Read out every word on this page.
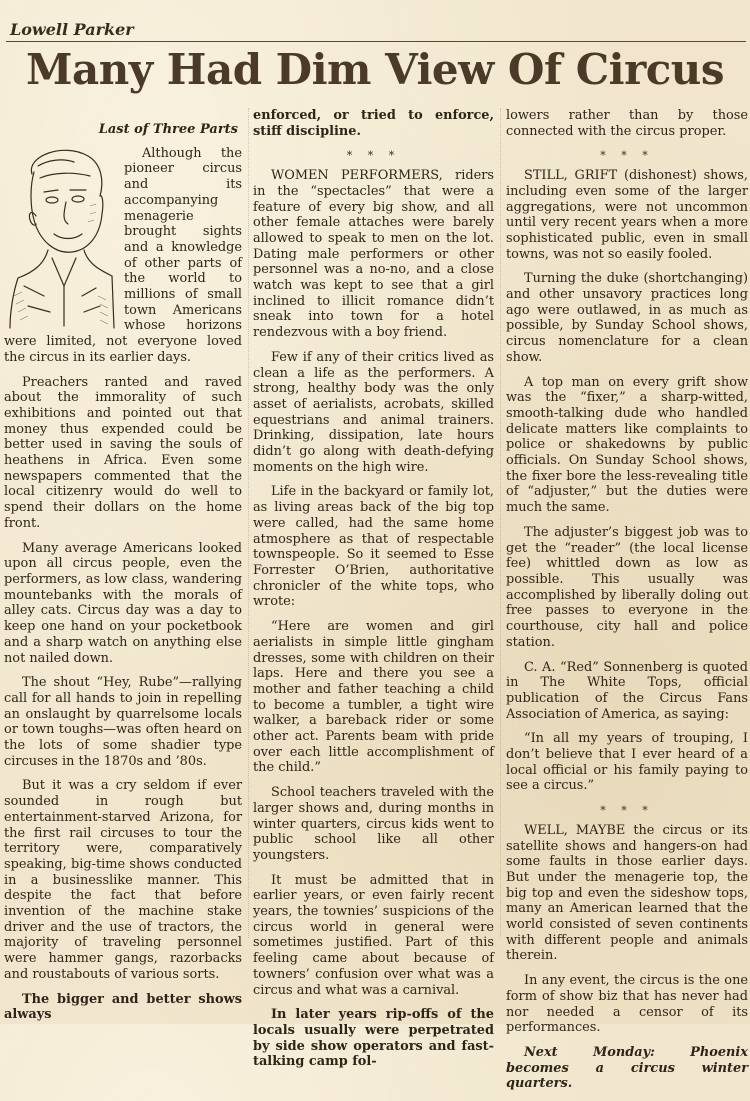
Lowell Parker
Many Had Dim View Of Circus
Last of Three Parts

Although the pioneer circus and its accompanying menagerie brought sights and a knowledge of other parts of the world to millions of small town Americans whose horizons were limited, not everyone loved the circus in its earlier days.

Preachers ranted and raved about the immorality of such exhibitions and pointed out that money thus expended could be better used in saving the souls of heathens in Africa. Even some newspapers commented that the local citizenry would do well to spend their dollars on the home front.

Many average Americans looked upon all circus people, even the performers, as low class, wandering mountebanks with the morals of alley cats. Circus day was a day to keep one hand on your pocketbook and a sharp watch on anything else not nailed down.

The shout “Hey, Rube”—rallying call for all hands to join in repelling an onslaught by quarrelsome locals or town toughs—was often heard on the lots of some shadier type circuses in the 1870s and ’80s.

But it was a cry seldom if ever sounded in rough but entertainment-starved Arizona, for the first rail circuses to tour the territory were, comparatively speaking, big-time shows conducted in a businesslike manner. This despite the fact that before invention of the machine stake driver and the use of tractors, the majority of traveling personnel were hammer gangs, razorbacks and roustabouts of various sorts.

The bigger and better shows always

enforced, or tried to enforce, stiff discipline.

* * *

WOMEN PERFORMERS, riders in the “spectacles” that were a feature of every big show, and all other female attaches were barely allowed to speak to men on the lot. Dating male performers or other personnel was a no-no, and a close watch was kept to see that a girl inclined to illicit romance didn’t sneak into town for a hotel rendezvous with a boy friend.

Few if any of their critics lived as clean a life as the performers. A strong, healthy body was the only asset of aerialists, acrobats, skilled equestrians and animal trainers. Drinking, dissipation, late hours didn’t go along with death-defying moments on the high wire.

Life in the backyard or family lot, as living areas back of the big top were called, had the same home atmosphere as that of respectable townspeople. So it seemed to Esse Forrester O’Brien, authoritative chronicler of the white tops, who wrote:

“Here are women and girl aerialists in simple little gingham dresses, some with children on their laps. Here and there you see a mother and father teaching a child to become a tumbler, a tight wire walker, a bareback rider or some other act. Parents beam with pride over each little accomplishment of the child.”

School teachers traveled with the larger shows and, during months in winter quarters, circus kids went to public school like all other youngsters.

It must be admitted that in earlier years, or even fairly recent years, the townies’ suspicions of the circus world in general were sometimes justified. Part of this feeling came about because of towners’ confusion over what was a circus and what was a carnival.

In later years rip-offs of the locals usually were perpetrated by side show operators and fast-talking camp fol-

lowers rather than by those connected with the circus proper.

* * *

STILL, GRIFT (dishonest) shows, including even some of the larger aggregations, were not uncommon until very recent years when a more sophisticated public, even in small towns, was not so easily fooled.

Turning the duke (shortchanging) and other unsavory practices long ago were outlawed, in as much as possible, by Sunday School shows, circus nomenclature for a clean show.

A top man on every grift show was the “fixer,” a sharp-witted, smooth-talking dude who handled delicate matters like complaints to police or shakedowns by public officials. On Sunday School shows, the fixer bore the less-revealing title of “adjuster,” but the duties were much the same.

The adjuster’s biggest job was to get the “reader” (the local license fee) whittled down as low as possible. This usually was accomplished by liberally doling out free passes to everyone in the courthouse, city hall and police station.

C. A. “Red” Sonnenberg is quoted in The White Tops, official publication of the Circus Fans Association of America, as saying:

“In all my years of trouping, I don’t believe that I ever heard of a local official or his family paying to see a circus.”

* * *

WELL, MAYBE the circus or its satellite shows and hangers-on had some faults in those earlier days. But under the menagerie top, the big top and even the sideshow tops, many an American learned that the world consisted of seven continents with different people and animals therein.

In any event, the circus is the one form of show biz that has never had nor needed a censor of its performances.

Next Monday: Phoenix becomes a circus winter quarters.
